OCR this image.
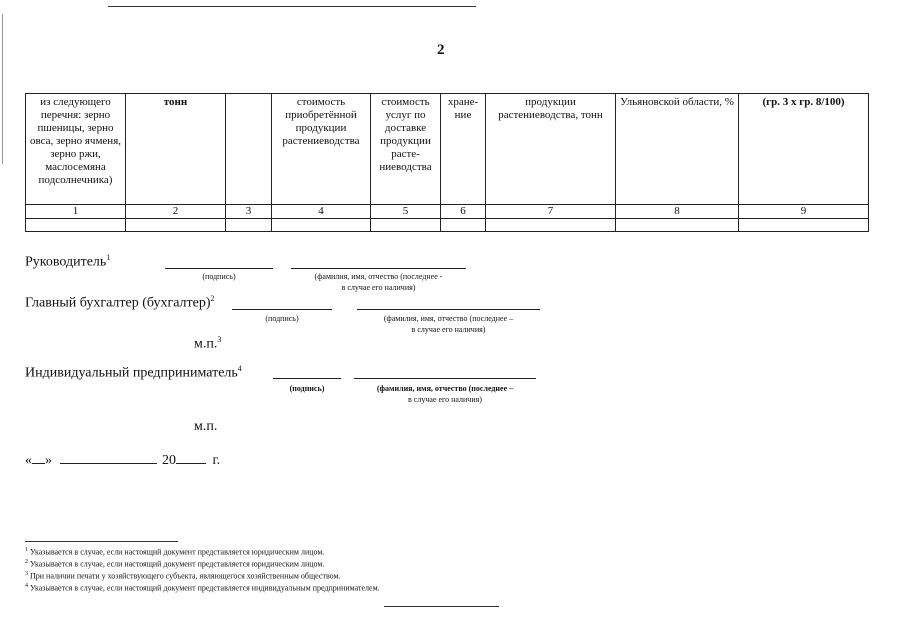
2
из следующего перечня: зерно пшеницы, зерно овса, зерно ячменя, зерно ржи, маслосемяна подсолнечника)	тонн		стоимость приобретённой продукции растениеводства	стоимость услуг по доставке продукции расте-ниеводства	хране-ние	продукции растениеводства, тонн	Ульяновской области, %	(гр. 3 х гр. 8/100)
1	2	3	4	5	6	7	8	9

Руководитель$^1$
(подпись)	(фамилия, имя, отчество (последнее -
в случае его наличия)
Главный бухгалтер (бухгалтер)$^2$
(подпись)	(фамилия, имя, отчество (последнее –
в случае его наличия)
м.п.$^3$
Индивидуальный предприниматель$^4$
(подпись)	(фамилия, имя, отчество (последнее –
в случае его наличия)
м.п.
« »	20	г.
$^1$ Указывается в случае, если настоящий документ представляется юридическим лицом.
$^2$ Указывается в случае, если настоящий документ представляется юридическим лицом.
$^3$ При наличии печати у хозяйствующего субъекта, являющегося хозяйственным обществом.
$^4$ Указывается в случае, если настоящий документ представляется индивидуальным предпринимателем.
